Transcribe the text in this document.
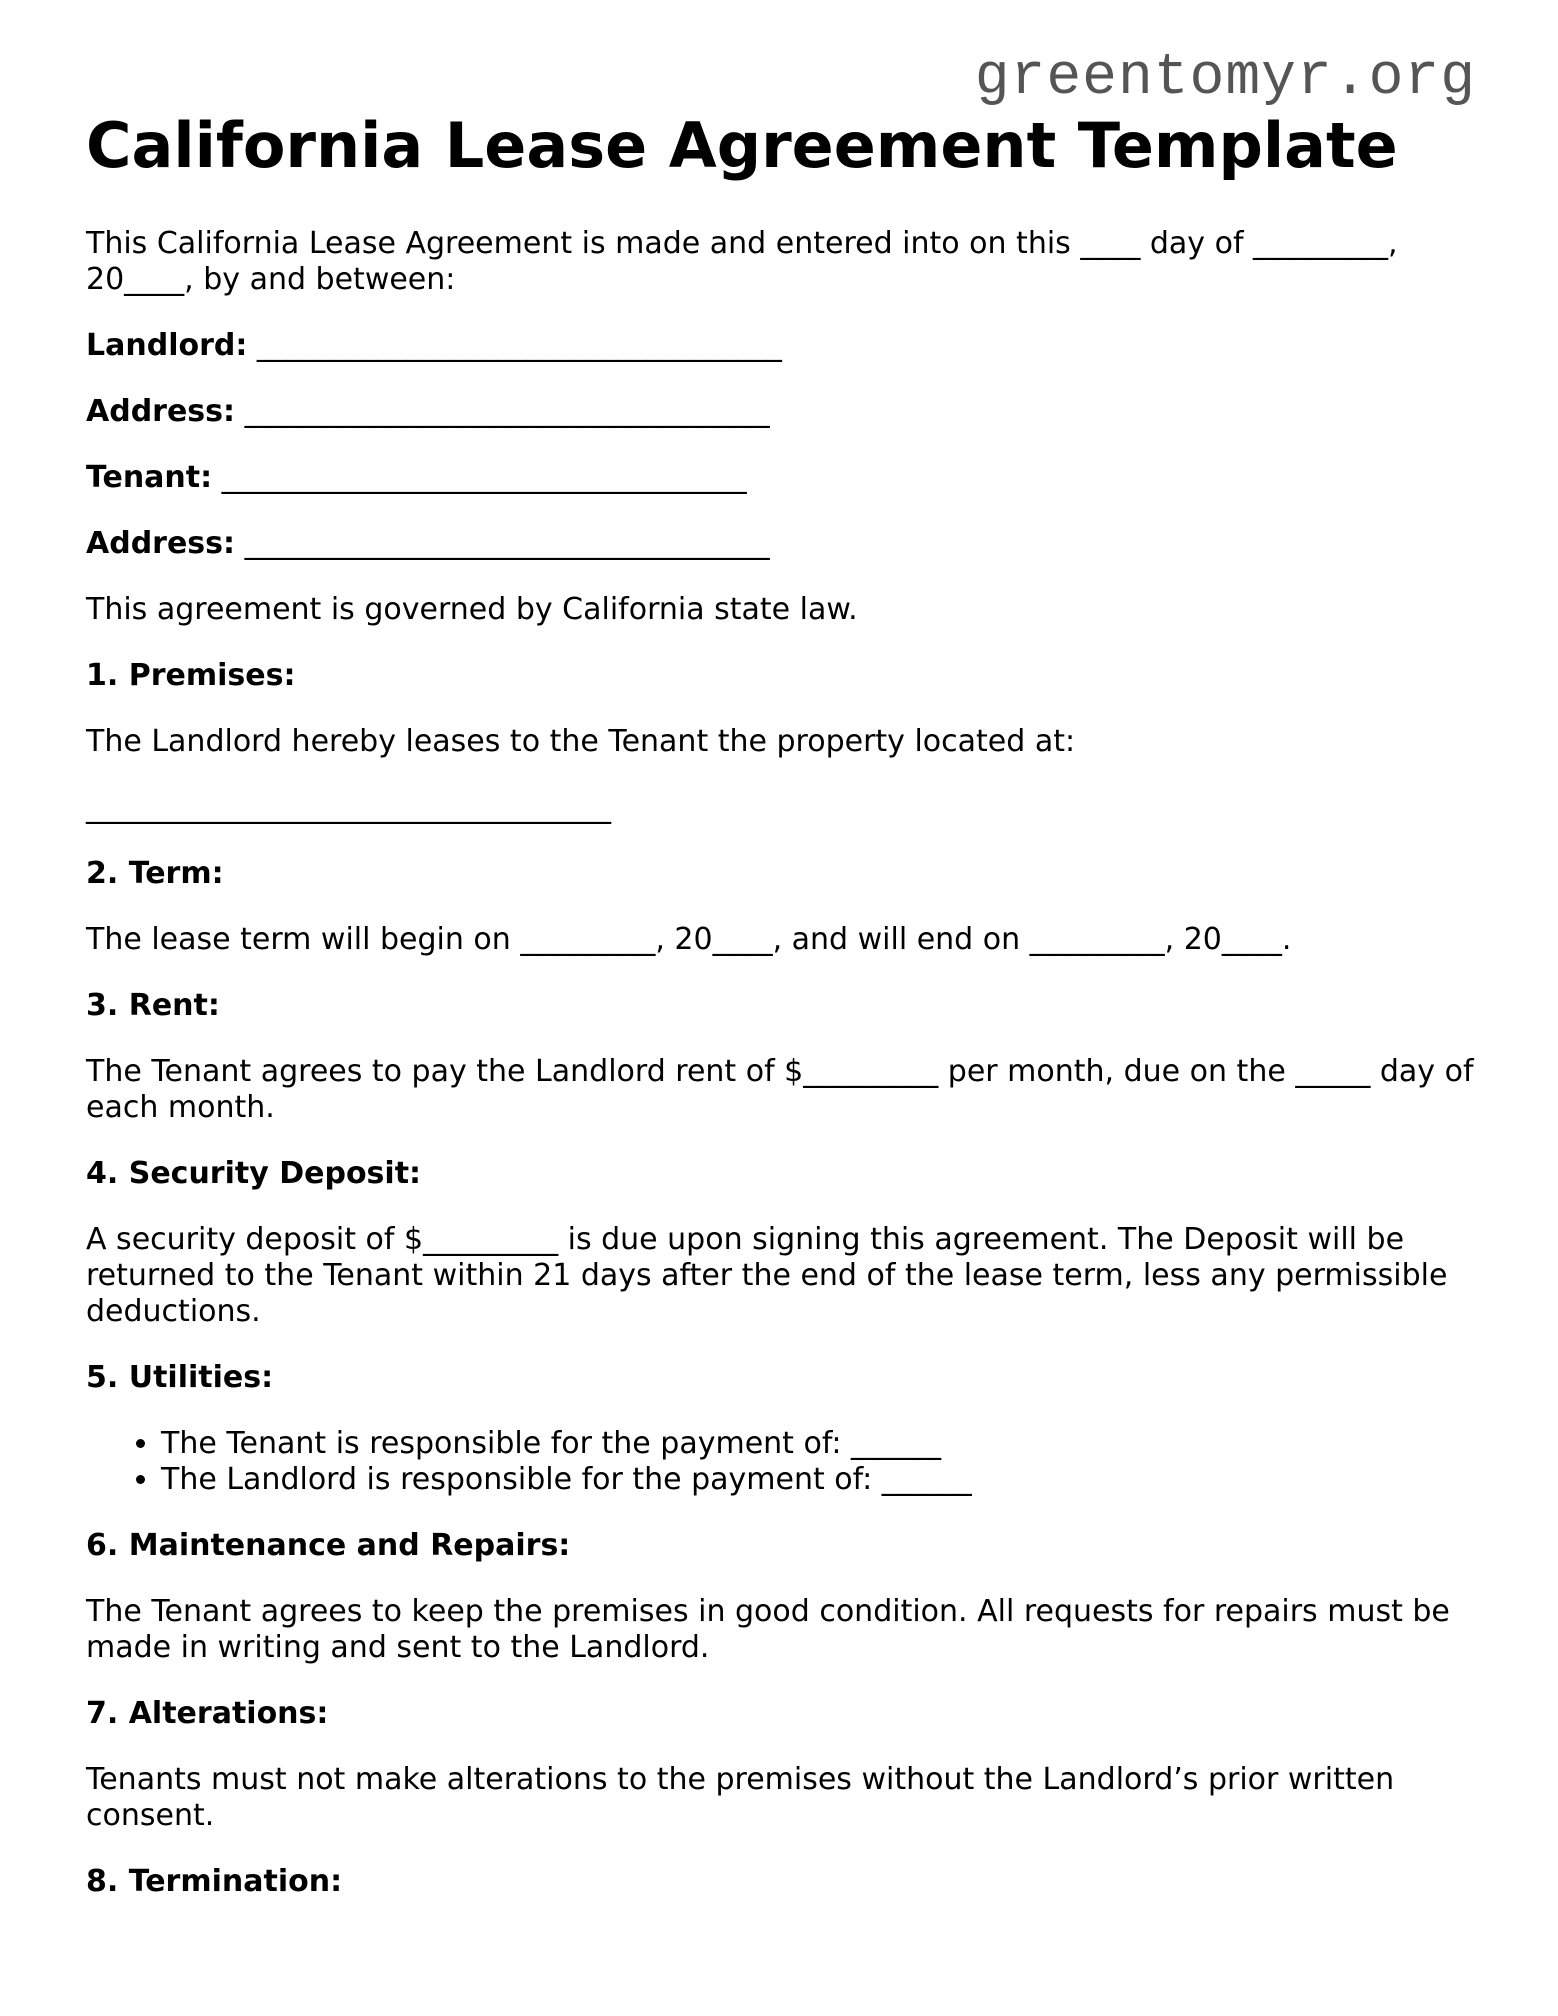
greentomyr.org
California Lease Agreement Template

This California Lease Agreement is made and entered into on this ____ day of _________, 20____, by and between:

Landlord: ___________________________________

Address: ___________________________________

Tenant: ___________________________________

Address: ___________________________________

This agreement is governed by California state law.

1. Premises:

The Landlord hereby leases to the Tenant the property located at:

___________________________________

2. Term:

The lease term will begin on _________, 20____, and will end on _________, 20____.

3. Rent:

The Tenant agrees to pay the Landlord rent of $_________ per month, due on the _____ day of each month.

4. Security Deposit:

A security deposit of $_________ is due upon signing this agreement. The Deposit will be returned to the Tenant within 21 days after the end of the lease term, less any permissible deductions.

5. Utilities:

• The Tenant is responsible for the payment of: ______
• The Landlord is responsible for the payment of: ______

6. Maintenance and Repairs:

The Tenant agrees to keep the premises in good condition. All requests for repairs must be made in writing and sent to the Landlord.

7. Alterations:

Tenants must not make alterations to the premises without the Landlord’s prior written consent.

8. Termination:
